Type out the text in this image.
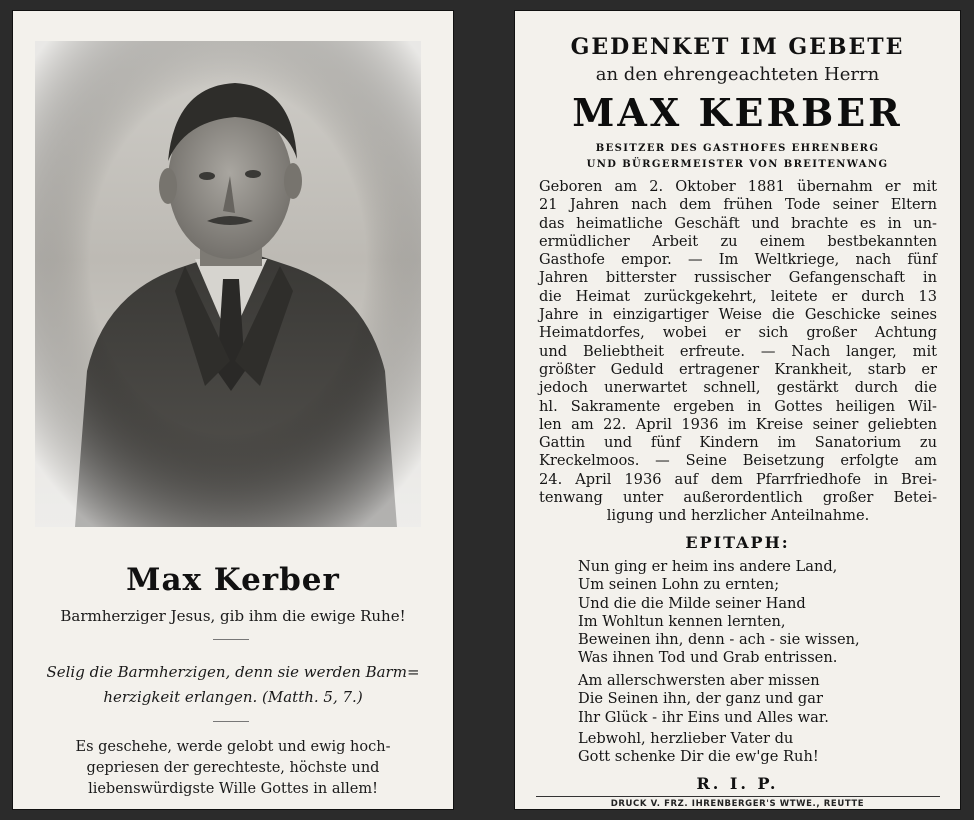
Max Kerber
Barmherziger Jesus, gib ihm die ewige Ruhe!
Selig die Barmherzigen, denn sie werden Barm=
herzigkeit erlangen. (Matth. 5, 7.)
Es geschehe, werde gelobt und ewig hoch-
gepriesen der gerechteste, höchste und
liebenswürdigste Wille Gottes in allem!
GEDENKET IM GEBETE
an den ehrengeachteten Herrn
MAX KERBER
BESITZER DES GASTHOFES EHRENBERG
UND BÜRGERMEISTER VON BREITENWANG

Geboren am 2. Oktober 1881 übernahm er mit

21 Jahren nach dem frühen Tode seiner Eltern

das heimatliche Geschäft und brachte es in un-

ermüdlicher Arbeit zu einem bestbekannten

Gasthofe empor. — Im Weltkriege, nach fünf

Jahren bitterster russischer Gefangenschaft in

die Heimat zurückgekehrt, leitete er durch 13

Jahre in einzigartiger Weise die Geschicke seines

Heimatdorfes, wobei er sich großer Achtung

und Beliebtheit erfreute. — Nach langer, mit

größter Geduld ertragener Krankheit, starb er

jedoch unerwartet schnell, gestärkt durch die

hl. Sakramente ergeben in Gottes heiligen Wil-

len am 22. April 1936 im Kreise seiner geliebten

Gattin und fünf Kindern im Sanatorium zu

Kreckelmoos. — Seine Beisetzung erfolgte am

24. April 1936 auf dem Pfarrfriedhofe in Brei-

tenwang unter außerordentlich großer Betei-

ligung und herzlicher Anteilnahme.

EPITAPH:

Nun ging er heim ins andere Land,

Um seinen Lohn zu ernten;

Und die die Milde seiner Hand

Im Wohltun kennen lernten,

Beweinen ihn, denn - ach - sie wissen,

Was ihnen Tod und Grab entrissen.

Am allerschwersten aber missen

Die Seinen ihn, der ganz und gar

Ihr Glück - ihr Eins und Alles war.

Lebwohl, herzlieber Vater du

Gott schenke Dir die ew'ge Ruh!

R. I. P.
DRUCK V. FRZ. IHRENBERGER'S WTWE., REUTTE
